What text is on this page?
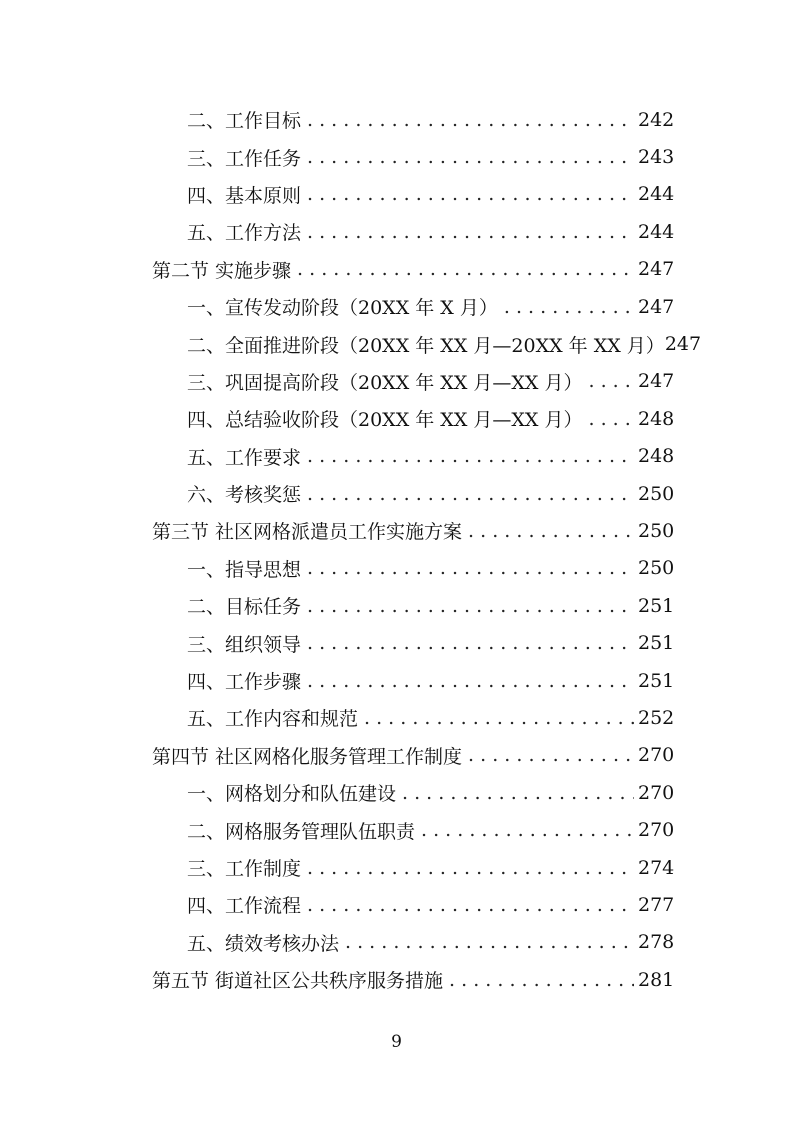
二、工作目标 . . .	242
三、工作任务 . . .	243
四、基本原则 . . .	244
五、工作方法 . . .	244
第二节 实施步骤 . . .	247
一、宣传发动阶段（20XX 年 X 月） . . .	247
二、全面推进阶段（20XX 年 XX 月—20XX 年 XX 月） 247
三、巩固提高阶段（20XX 年 XX 月—XX 月） . . .	247
四、总结验收阶段（20XX 年 XX 月—XX 月） . . .	248
五、工作要求 . . .	248
六、考核奖惩 . . .	250
第三节 社区网格派遣员工作实施方案 . . .	250
一、指导思想 . . .	250
二、目标任务 . . .	251
三、组织领导 . . .	251
四、工作步骤 . . .	251
五、工作内容和规范 . . .	252
第四节 社区网格化服务管理工作制度 . . .	270
一、网格划分和队伍建设 . . .	270
二、网格服务管理队伍职责 . . .	270
三、工作制度 . . .	274
四、工作流程 . . .	277
五、绩效考核办法 . . .	278
第五节 街道社区公共秩序服务措施 . . .	281
9
